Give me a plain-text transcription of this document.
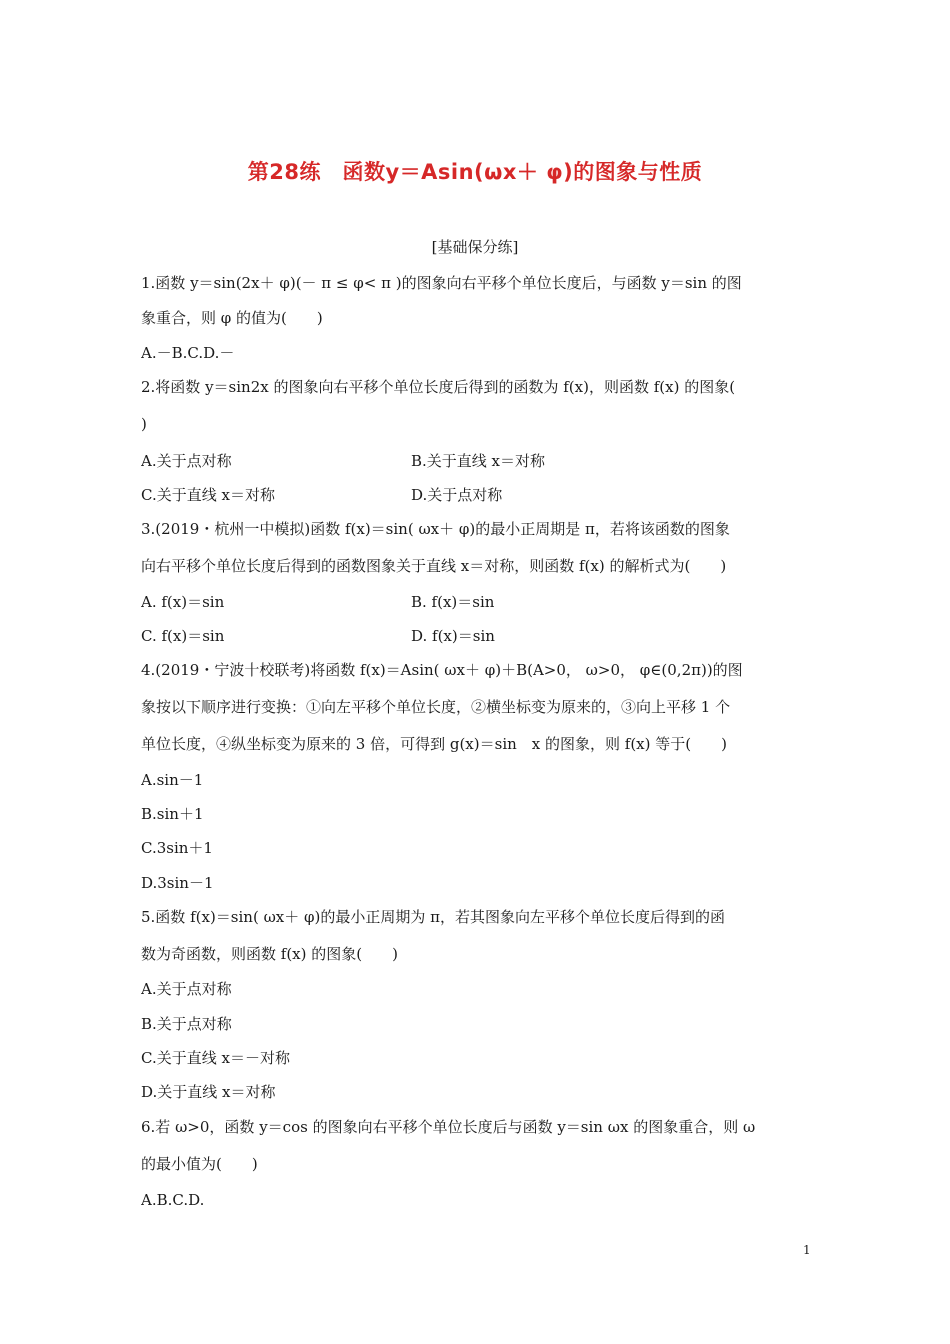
第28练　函数y＝Asin(ωx＋ φ)的图象与性质
[基础保分练]
1.函数 y＝sin(2x＋ φ)(－ π ≤ φ< π )的图象向右平移个单位长度后，与函数 y＝sin 的图
象重合，则 φ 的值为(　　)
A.－B.C.D.－
2.将函数 y＝sin2x 的图象向右平移个单位长度后得到的函数为 f(x)，则函数 f(x) 的图象(
)
A.关于点对称	B.关于直线 x＝对称
C.关于直线 x＝对称	D.关于点对称
3.(2019・杭州一中模拟)函数 f(x)＝sin( ωx＋ φ)的最小正周期是 π，若将该函数的图象
向右平移个单位长度后得到的函数图象关于直线 x＝对称，则函数 f(x) 的解析式为(　　)
A. f(x)＝sin	B. f(x)＝sin
C. f(x)＝sin	D. f(x)＝sin
4.(2019・宁波十校联考)将函数 f(x)＝Asin( ωx＋ φ)＋B(A>0， ω>0， φ∈(0,2π))的图
象按以下顺序进行变换：①向左平移个单位长度，②横坐标变为原来的，③向上平移 1 个
单位长度，④纵坐标变为原来的 3 倍，可得到 g(x)＝sin　x 的图象，则 f(x) 等于(　　)
A.sin－1
B.sin＋1
C.3sin＋1
D.3sin－1
5.函数 f(x)＝sin( ωx＋ φ)的最小正周期为 π，若其图象向左平移个单位长度后得到的函
数为奇函数，则函数 f(x) 的图象(　　)
A.关于点对称
B.关于点对称
C.关于直线 x＝－对称
D.关于直线 x＝对称
6.若 ω>0，函数 y＝cos 的图象向右平移个单位长度后与函数 y＝sin ωx 的图象重合，则 ω
的最小值为(　　)
A.B.C.D.
1
